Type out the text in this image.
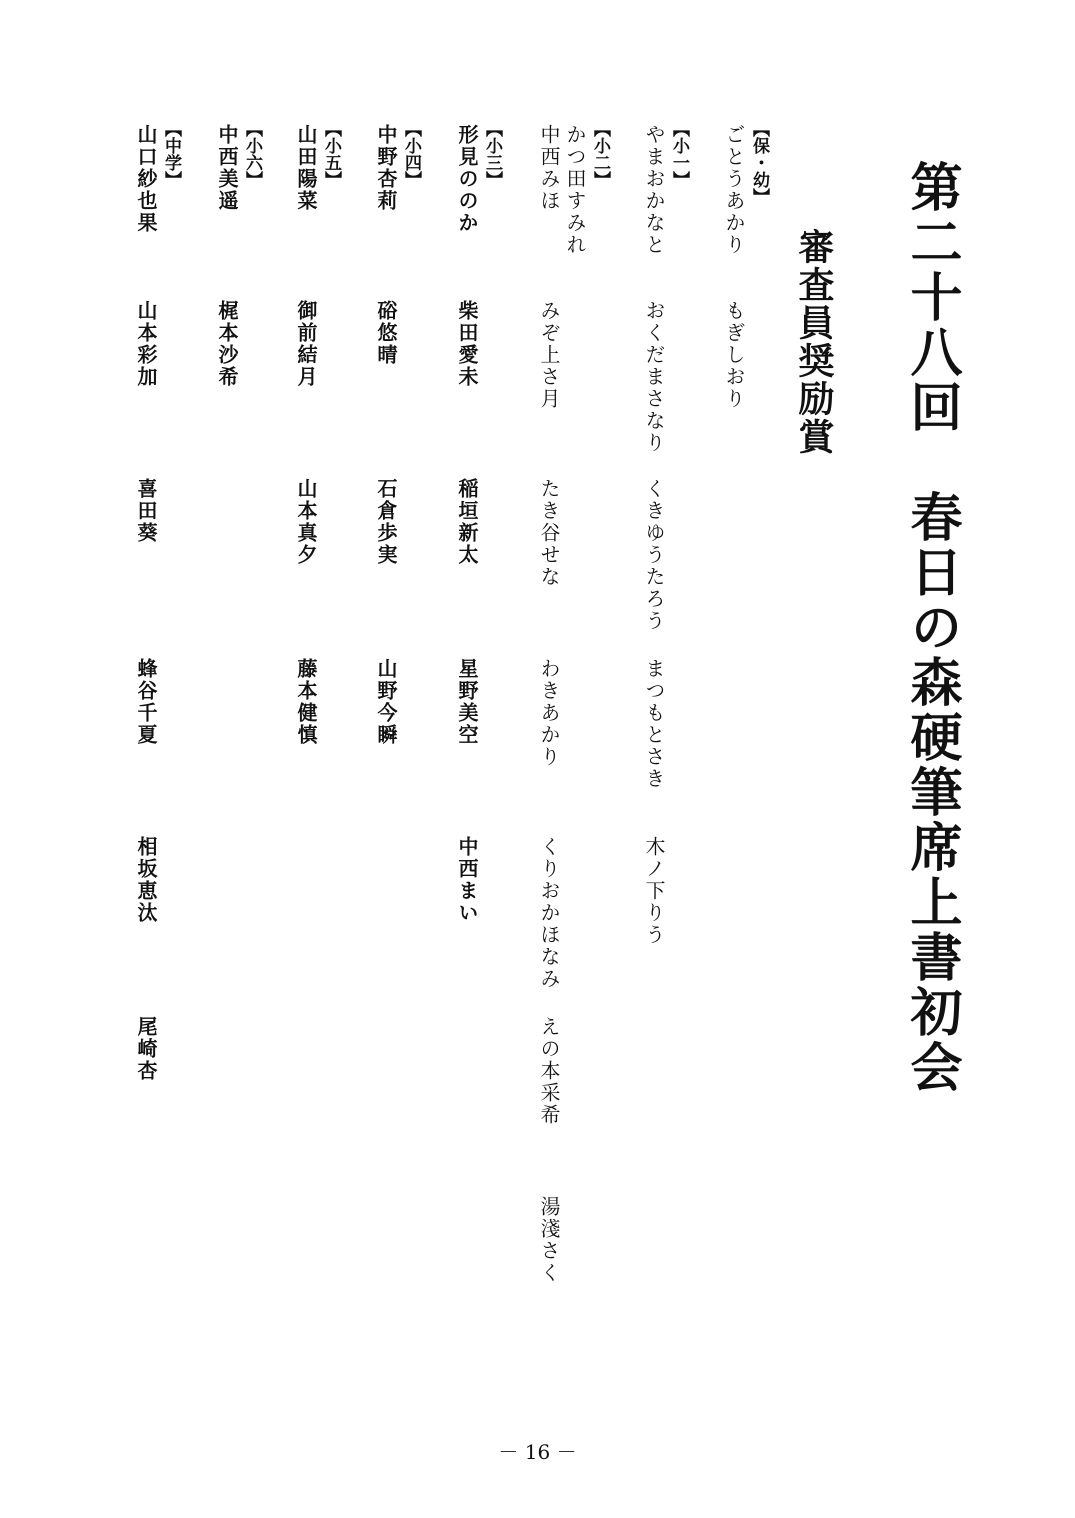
第二十八回　春日の森硬筆席上書初会
審査員奨励賞
【保・幼】
ごとうあかり
もぎしおり
【小一】
やまおかなと
おくだまさなり
くきゆうたろう
まつもとさき
木ノ下りう
【小二】
かつ田すみれ
中西みほ
みぞ上さ月
たき谷せな
わきあかり
くりおかほなみ
えの本采希
湯淺さく
【小三】
形見ののか
柴田愛未
稲垣新太
星野美空
中西まい
【小四】
中野杏莉
硲悠晴
石倉歩実
山野今瞬
【小五】
山田陽菜
御前結月
山本真夕
藤本健慎
【小六】
中西美遥
梶本沙希
【中学】
山口紗也果
山本彩加
喜田葵
蜂谷千夏
相坂恵汰
尾崎杏
－ 16 －
